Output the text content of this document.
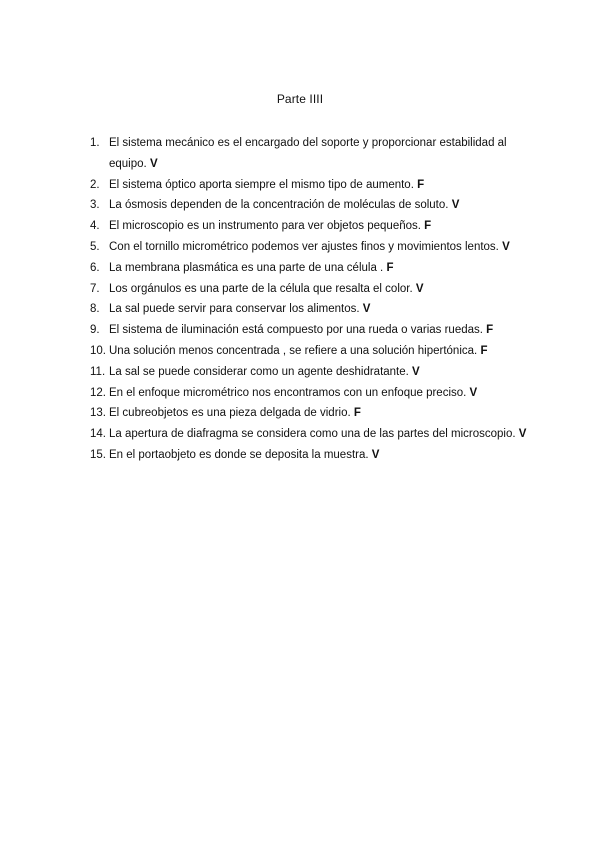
Parte IIII
1. El sistema mecánico es el encargado del soporte y proporcionar estabilidad al equipo. V
2. El sistema óptico aporta siempre el mismo tipo de aumento. F
3. La ósmosis dependen de la concentración de moléculas de soluto. V
4. El microscopio es un instrumento para ver objetos pequeños. F
5. Con el tornillo micrométrico podemos ver ajustes finos y movimientos lentos. V
6. La membrana plasmática es una parte de una célula . F
7. Los orgánulos es una parte de la célula que resalta el color. V
8. La sal puede servir para conservar los alimentos. V
9. El sistema de iluminación está compuesto por una rueda o varias ruedas. F
10. Una solución menos concentrada , se refiere a una solución hipertónica. F
11. La sal se puede considerar como un agente deshidratante. V
12. En el enfoque micrométrico nos encontramos con un enfoque preciso. V
13. El cubreobjetos es una pieza delgada de vidrio. F
14. La apertura de diafragma se considera como una de las partes del microscopio. V
15. En el portaobjeto es donde se deposita la muestra. V
